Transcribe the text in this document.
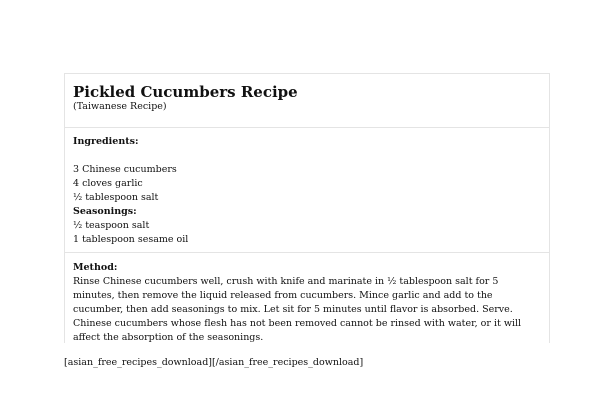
Pickled Cucumbers Recipe
(Taiwanese Recipe)
Ingredients:
3 Chinese cucumbers
4 cloves garlic
½ tablespoon salt
Seasonings:
½ teaspoon salt
1 tablespoon sesame oil
Method:
Rinse Chinese cucumbers well, crush with knife and marinate in ½ tablespoon salt for 5 minutes, then remove the liquid released from cucumbers. Mince garlic and add to the cucumber, then add seasonings to mix. Let sit for 5 minutes until flavor is absorbed. Serve. Chinese cucumbers whose flesh has not been removed cannot be rinsed with water, or it will affect the absorption of the seasonings.
[asian_free_recipes_download][/asian_free_recipes_download]
